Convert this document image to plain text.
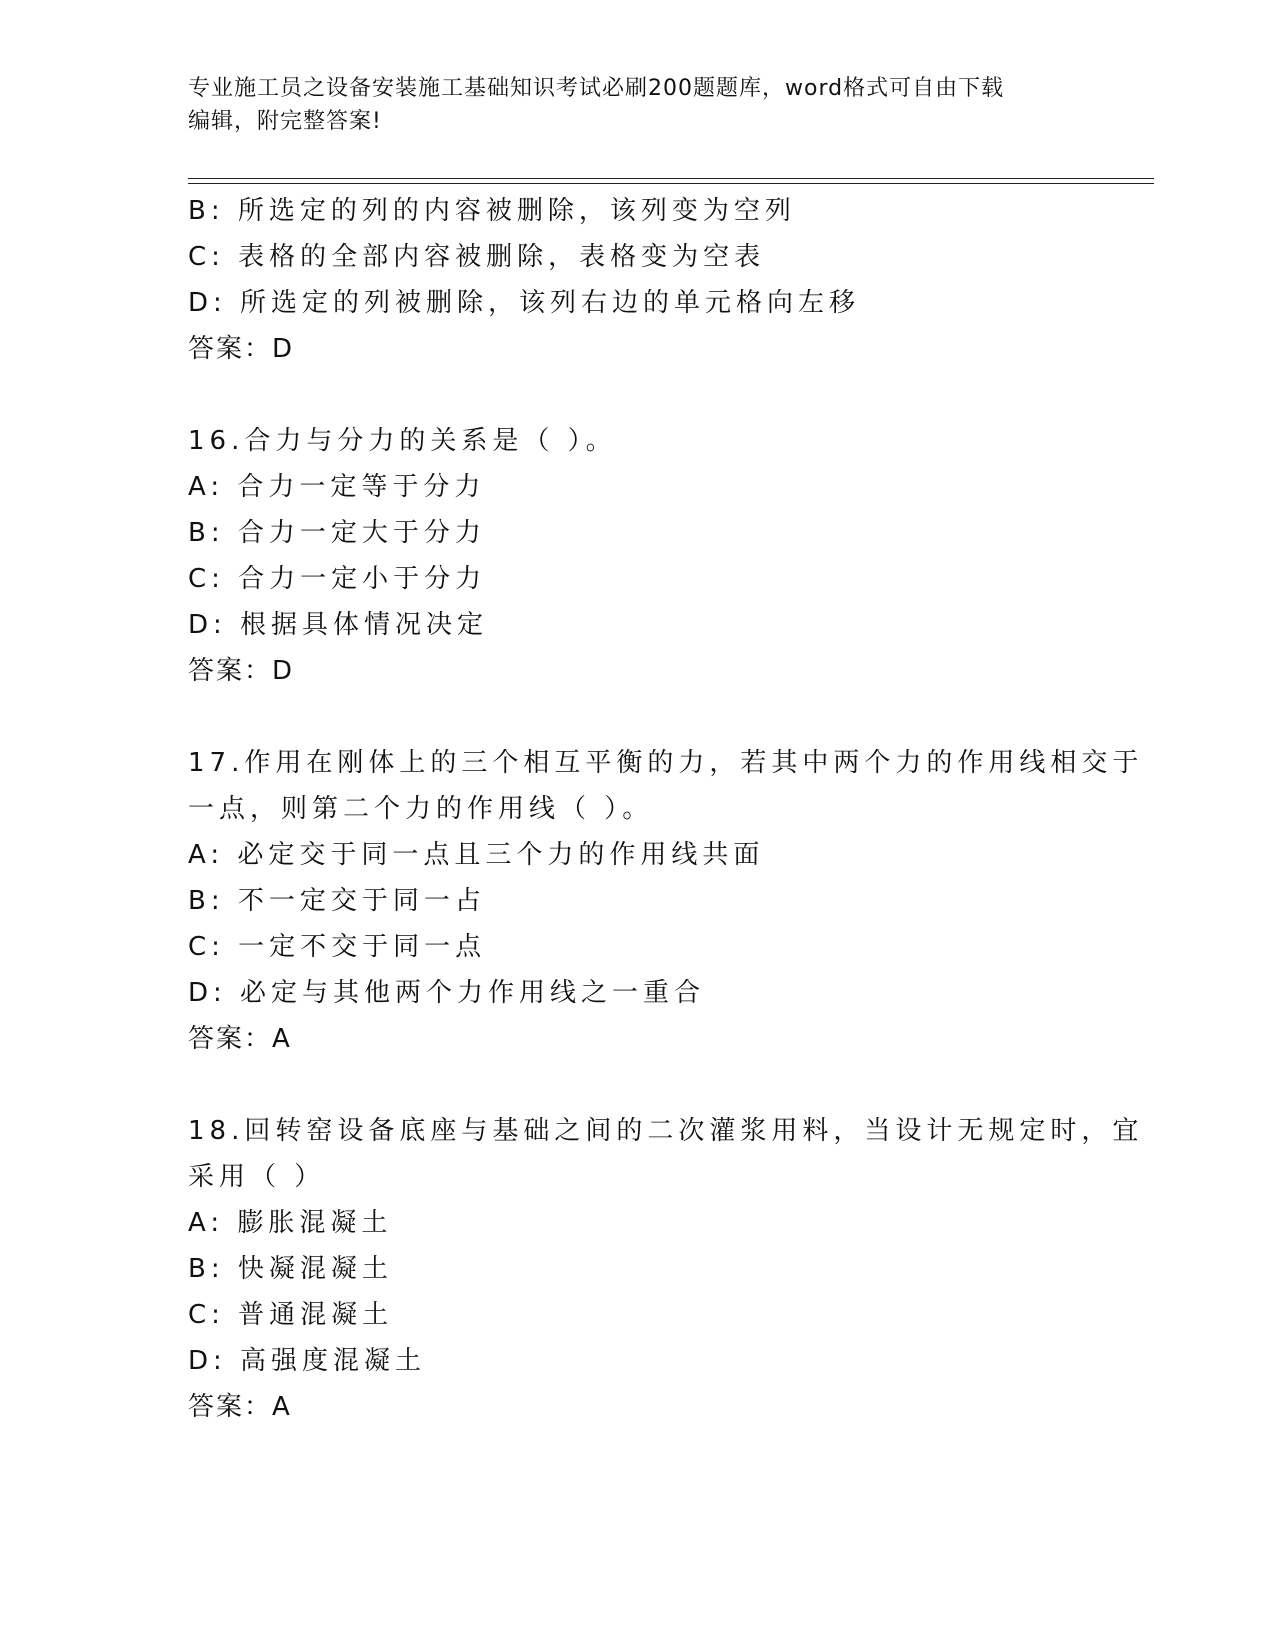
专业施工员之设备安装施工基础知识考试必刷200题题库，word格式可自由下载
编辑，附完整答案!
B: 所选定的列的内容被删除，该列变为空列
C: 表格的全部内容被删除，表格变为空表
D: 所选定的列被删除，该列右边的单元格向左移
答案：D
16.合力与分力的关系是（ ）。
A: 合力一定等于分力
B: 合力一定大于分力
C: 合力一定小于分力
D: 根据具体情况决定
答案：D
17.作用在刚体上的三个相互平衡的力，若其中两个力的作用线相交于
一点，则第二个力的作用线（ ）。
A: 必定交于同一点且三个力的作用线共面
B: 不一定交于同一占
C: 一定不交于同一点
D: 必定与其他两个力作用线之一重合
答案：A
18.回转窑设备底座与基础之间的二次灌浆用料，当设计无规定时，宜
采用（ ）
A: 膨胀混凝土
B: 快凝混凝土
C: 普通混凝土
D: 高强度混凝土
答案：A
